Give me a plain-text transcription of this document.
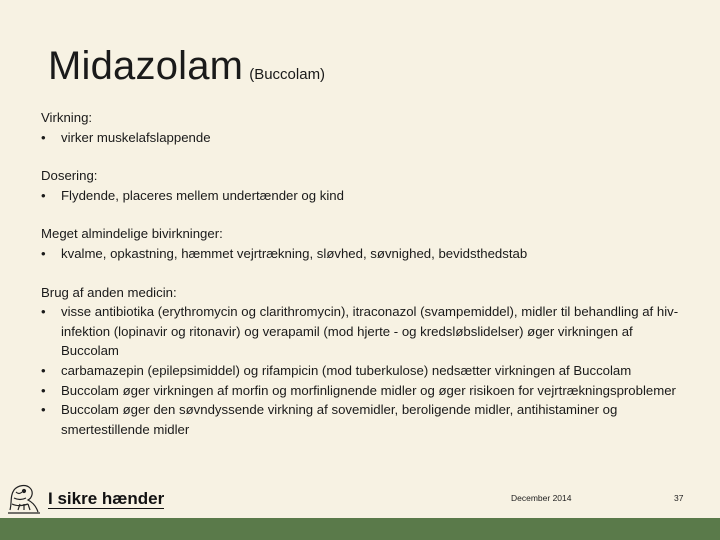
Midazolam (Buccolam)
Virkning:
• virker muskelafslappende
Dosering:
• Flydende, placeres mellem undertænder og kind
Meget almindelige bivirkninger:
• kvalme, opkastning, hæmmet vejrtrækning, sløvhed, søvnighed, bevidsthedstab
Brug af anden medicin:
• visse antibiotika (erythromycin og clarithromycin), itraconazol (svampemiddel), midler til behandling af hiv-infektion (lopinavir og ritonavir) og verapamil (mod hjerte - og kredsløbslidelser) øger virkningen af Buccolam
• carbamazepin (epilepsimiddel) og rifampicin (mod tuberkulose) nedsætter virkningen af Buccolam
• Buccolam øger virkningen af morfin og morfinlignende midler og øger risikoen for vejrtrækningsproblemer
• Buccolam øger den søvndyssende virkning af sovemidler, beroligende midler, antihistaminer og smertestillende midler
I sikre hænder	December 2014	37
